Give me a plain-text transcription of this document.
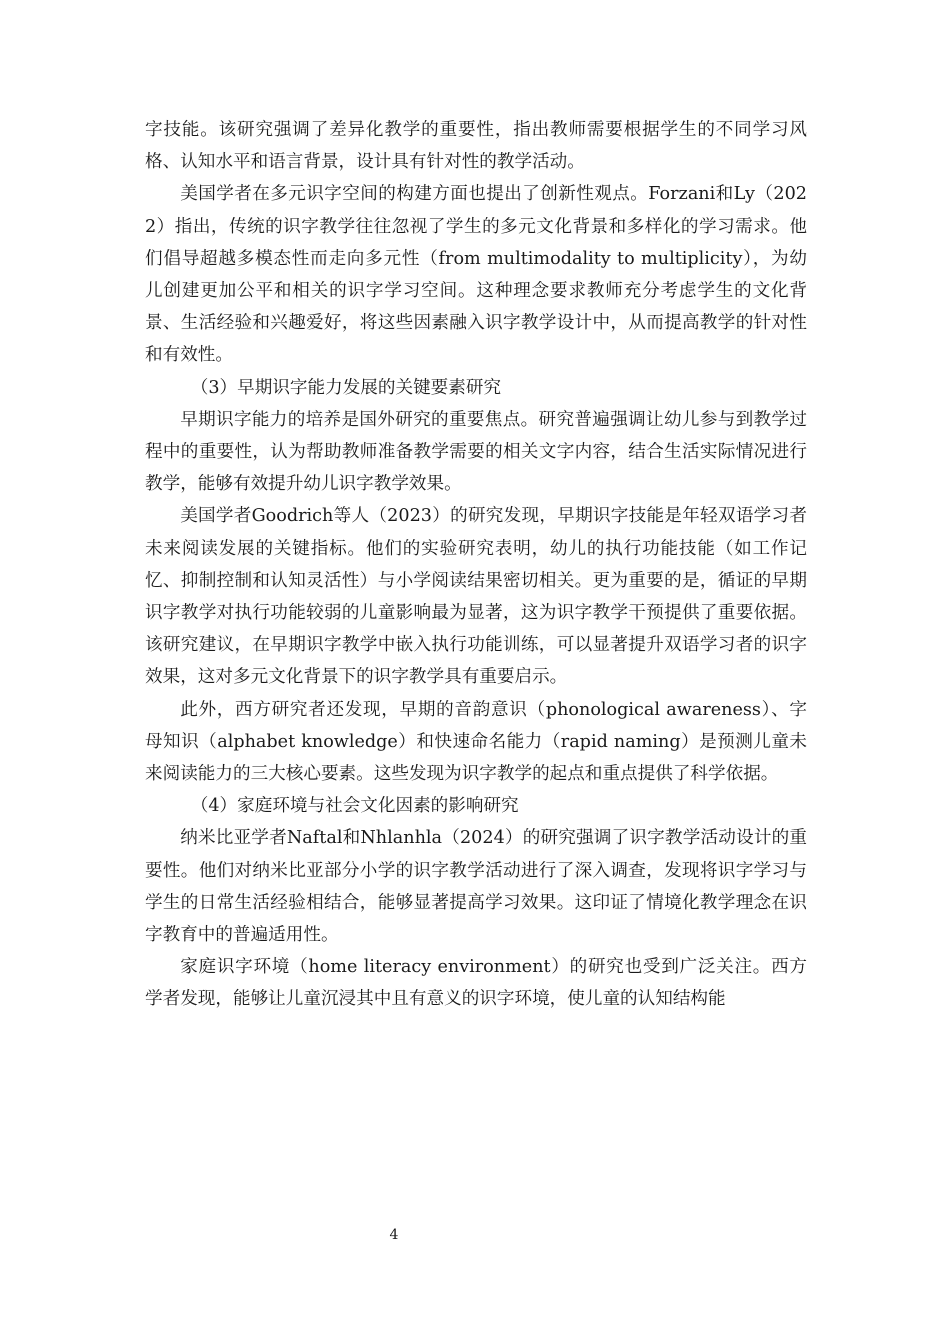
字技能。该研究强调了差异化教学的重要性，指出教师需要根据学生的不同学习风格、认知水平和语言背景，设计具有针对性的教学活动。

美国学者在多元识字空间的构建方面也提出了创新性观点。Forzani和Ly（2022）指出，传统的识字教学往往忽视了学生的多元文化背景和多样化的学习需求。他们倡导超越多模态性而走向多元性（from multimodality to multiplicity），为幼儿创建更加公平和相关的识字学习空间。这种理念要求教师充分考虑学生的文化背景、生活经验和兴趣爱好，将这些因素融入识字教学设计中，从而提高教学的针对性和有效性。

（3）早期识字能力发展的关键要素研究

早期识字能力的培养是国外研究的重要焦点。研究普遍强调让幼儿参与到教学过程中的重要性，认为帮助教师准备教学需要的相关文字内容，结合生活实际情况进行教学，能够有效提升幼儿识字教学效果。

美国学者Goodrich等人（2023）的研究发现，早期识字技能是年轻双语学习者未来阅读发展的关键指标。他们的实验研究表明，幼儿的执行功能技能（如工作记忆、抑制控制和认知灵活性）与小学阅读结果密切相关。更为重要的是，循证的早期识字教学对执行功能较弱的儿童影响最为显著，这为识字教学干预提供了重要依据。该研究建议，在早期识字教学中嵌入执行功能训练，可以显著提升双语学习者的识字效果，这对多元文化背景下的识字教学具有重要启示。

此外，西方研究者还发现，早期的音韵意识（phonological awareness）、字母知识（alphabet knowledge）和快速命名能力（rapid naming）是预测儿童未来阅读能力的三大核心要素。这些发现为识字教学的起点和重点提供了科学依据。

（4）家庭环境与社会文化因素的影响研究

纳米比亚学者Naftal和Nhlanhla（2024）的研究强调了识字教学活动设计的重要性。他们对纳米比亚部分小学的识字教学活动进行了深入调查，发现将识字学习与学生的日常生活经验相结合，能够显著提高学习效果。这印证了情境化教学理念在识字教育中的普遍适用性。

家庭识字环境（home literacy environment）的研究也受到广泛关注。西方学者发现，能够让儿童沉浸其中且有意义的识字环境，使儿童的认知结构能

4
